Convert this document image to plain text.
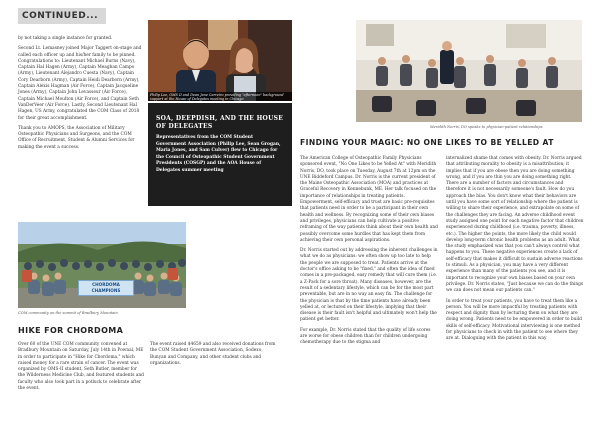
CONTINUED...

by not taking a single instance for granted.

Second Lt. Lemasney joined Major Taggert on-stage and called each officer up and his/her family to be pinned. Congratulations to: Lieutenant Michael Burns (Navy), Captain Hal Hagen (Army), Captain Meaghan Campo (Army), Lieutenant Alejandro Cuesta (Navy), Captain Cory Dearborn (Army), Captain Heidi Dearborn (Army), Captain Alexis Hagman (Air Force), Captain Jacqueline Jones (Army), Captain John Levasseur (Air Force), Captain Michael Moulton (Air Force), and Captain Seth VanDerVeer (Air Force). Lastly, Second Lieutenant Hal Hagen, US Army, congratulated the COM Class of 2018 for their great accomplishment.

Thank you to AMOPS, the Association of Military Osteopathic Physicians and Surgeons, and the COM Office of Recruitment, Student & Alumni Services for making the event a success.

Philip Lee, OMS II and Dean Jane Carreiro providing "afternoon" background support at the House of Delegates meeting in Chicago
SOA, DEEPDISH, AND THE HOUSE OF DELEGATES
Representatives from the COM Student Government Association (Philip Lee, Sean Grogan, Maria Jones, and Sam Culver) flew to Chicago for the Council of Osteopathic Student Government Presidents (COSGP) and the AOA House of Delegates summer meeting
CHORDOMA CHAMPIONS
COM community on the summit of Bradbury Mountain
HIKE FOR CHORDOMA
Over 60 of the UNE COM community convened at Bradbury Mountain on Saturday, July 14th in Pownal, ME in order to participate in "Hike for Chordoma," which raised money for a rare strain of cancer. The event was organized by OMS-II student, Seth Butler, member for the Wilderness Medicine Club, and featured students and faculty who also took part in a potluck to celebrate after the event.
The event raised $4659 and also received donations from the COM Student Government Association, Sodexo, Bunyan and Company, and other student clubs and organizations.
Meridith Norris, DO speaks to physician-patient relationships
FINDING YOUR MAGIC: NO ONE LIKES TO BE YELLED AT

The American College of Osteopathic Family Physicians sponsored event, "No One Likes to be Yelled At" with Meridith Norris, DO, took place on Tuesday, August 7th at 12pm on the UNE Biddeford Campus. Dr. Norris is the current president of the Maine Osteopathic Association (MOA) and practices at Graceful Recovery in Kennebunk, ME. Her talk focused on the importance of relationships in treating patients. Empowerment, self-efficacy and trust are basic pre-requisites that patients need in order to be a participant in their own health and wellness. By recognizing some of their own biases and privileges, physicians can help cultivate a positive reframing of the way patients think about their own health and possibly overcome some hurdles that has kept them from achieving their own personal aspirations.

Dr. Norris started out by addressing the inherent challenges in what we do as physicians: we often show up too late to help the people we are supposed to treat. Patients arrive at the doctor's office asking to be "fixed," and often the idea of fixed comes in a pre-packaged, easy remedy that will cure them (i.e. a Z-Pack for a sore throat). Many diseases, however, are the result of a sedentary lifestyle, which can be for the most part preventable, but are in no way an easy fix. The challenge for the physician is that by the time patients have already been yelled at, or lectured on their lifestyle, implying that their disease is their fault isn't helpful and ultimately won't help the patient get better.

For example, Dr. Norris stated that the quality of life scores are worse for obese children than for children undergoing chemotherapy due to the stigma and

internalized shame that comes with obesity. Dr. Norris argued that attributing morality to obesity is a misattribution; it implies that if you are obese then you are doing something wrong, and if you are thin you are doing something right. There are a number of factors and circumstances and therefore it is not necessarily someone's fault. How do you approach the bias. You don't know what their behaviors are until you have some sort of relationship where the patient is willing to share their experience, and extrapolate on some of the challenges they are facing. An adverse childhood event study assigned one point for each negative factor that children experienced during childhood (i.e. trauma, poverty, illness, etc.). The higher the points, the more likely the child would develop long-term chronic health problems as an adult. What the study emphasized was that you can't always control what happens to you. These negative experiences create a lack of self-efficacy that makes it difficult to sustain adverse reactions to stimuli. As a physician, you may have a very different experience than many of the patients you see, and it is important to recognize your own biases based on your own privilege. Dr. Norris states, "Just because we can do the things we can does not mean our patients can."

In order to treat your patients, you have to treat them like a person. You will be more impactful by treating patients with respect and dignity than by lecturing them on what they are doing wrong. Patients need to be empowered in order to build skills of self-efficacy. Motivational interviewing is one method for physicians to check in with the patient to see where they are at. Dialoguing with the patient in this way
